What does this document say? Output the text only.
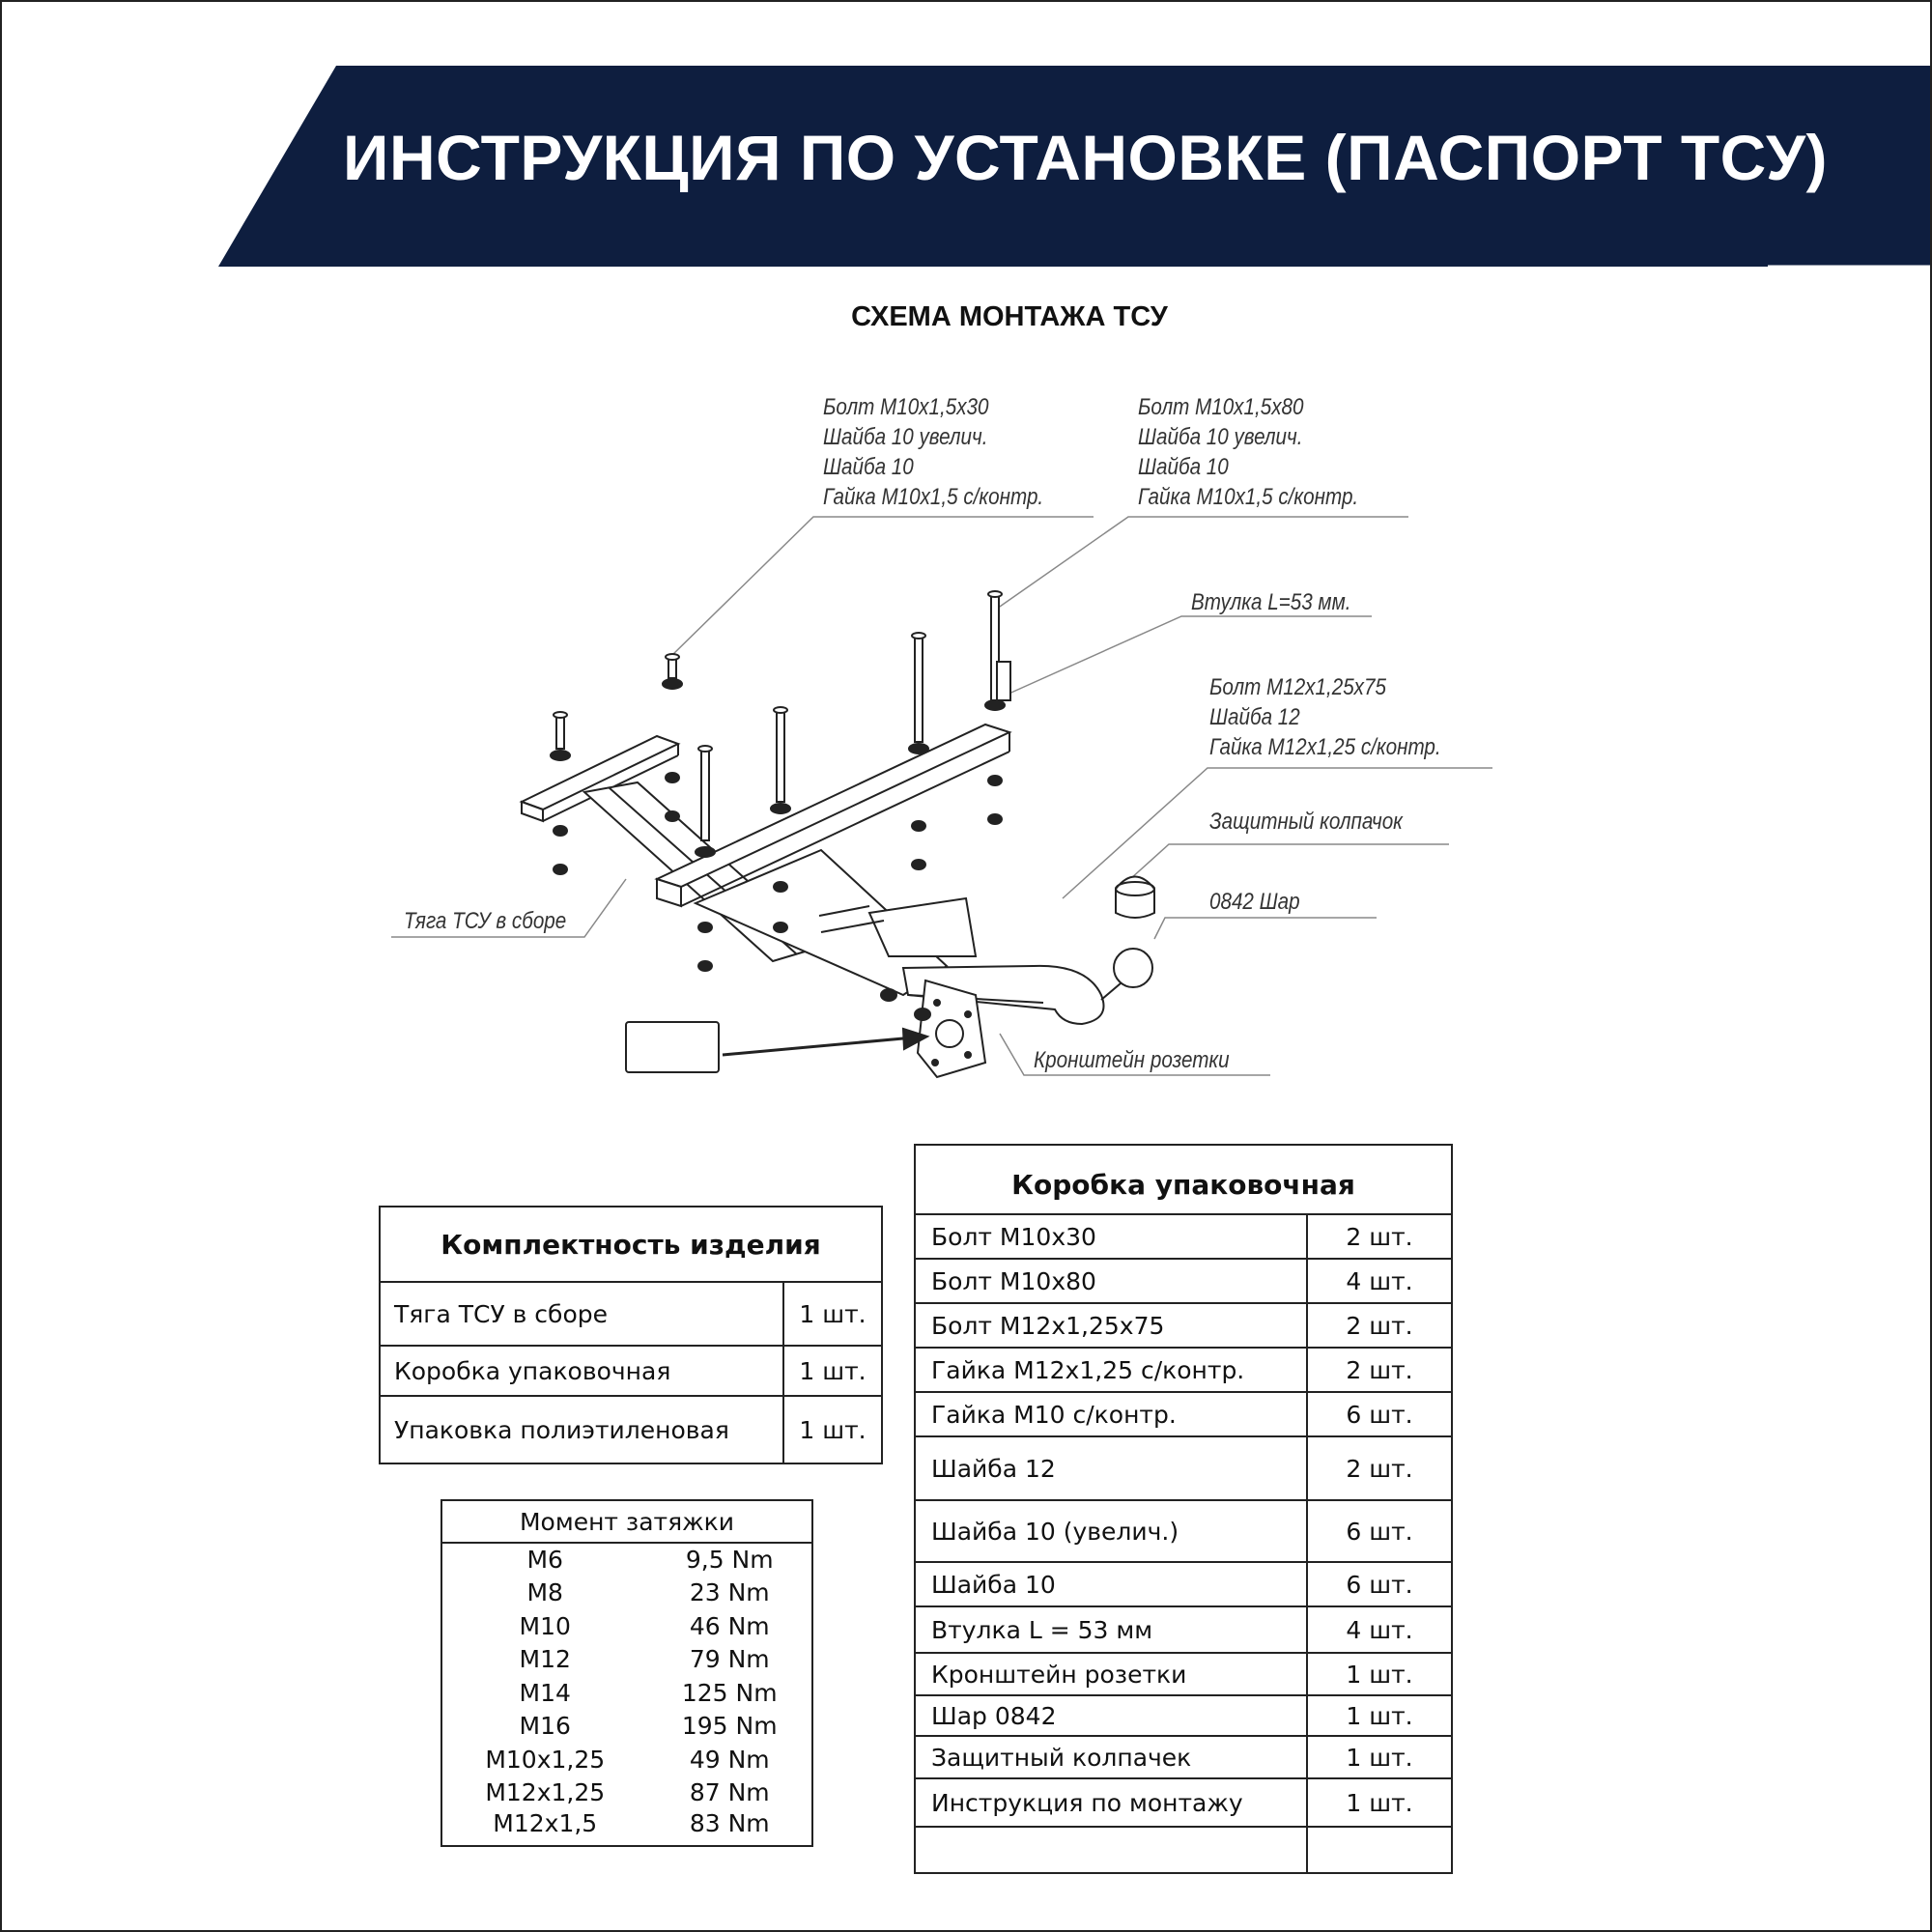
ИНСТРУКЦИЯ ПО УСТАНОВКЕ (ПАСПОРТ ТСУ)
СХЕМА МОНТАЖА ТСУ
Болт М10х1,5х30
Шайба 10 увелич.
Шайба 10
Гайка М10х1,5 с/контр.
Болт М10х1,5х80
Шайба 10 увелич.
Шайба 10
Гайка М10х1,5 с/контр.
Втулка L=53 мм.
Болт М12х1,25х75
Шайба 12
Гайка М12х1,25 с/контр.
Защитный колпачок
0842 Шар
Тяга ТСУ в сборе
Кронштейн розетки
Комплектность изделия	
Тяга ТСУ в сборе	1 шт.
Коробка упаковочная	1 шт.
Упаковка полиэтиленовая	1 шт.
Момент затяжки	
M6	9,5 Nm
M8	23 Nm
M10	46 Nm
M12	79 Nm
M14	125 Nm
M16	195 Nm
M10x1,25	49 Nm
M12x1,25	87 Nm
M12x1,5	83 Nm
Коробка упаковочная	
Болт М10х30	2 шт.
Болт М10х80	4 шт.
Болт М12х1,25х75	2 шт.
Гайка М12х1,25 с/контр.	2 шт.
Гайка М10 с/контр.	6 шт.
Шайба 12	2 шт.
Шайба 10 (увелич.)	6 шт.
Шайба 10	6 шт.
Втулка L = 53 мм	4 шт.
Кронштейн розетки	1 шт.
Шар 0842	1 шт.
Защитный колпачек	1 шт.
Инструкция по монтажу	1 шт.
